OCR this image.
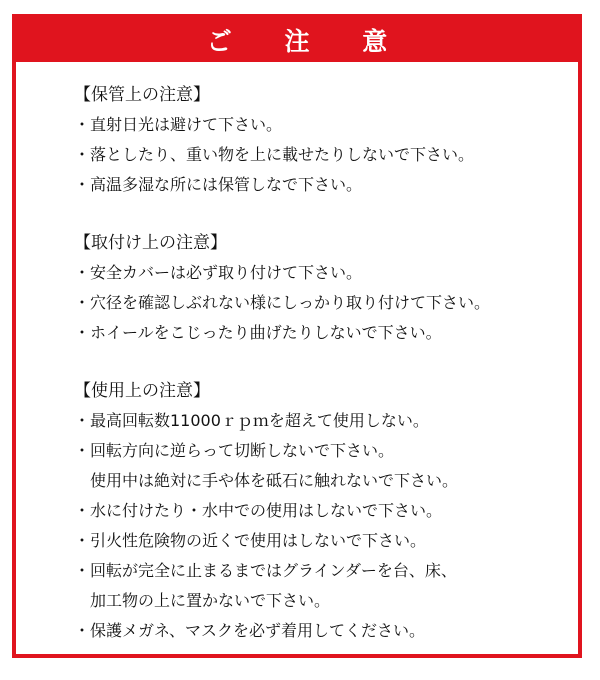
ご 注 意
【保管上の注意】
・直射日光は避けて下さい。
・落としたり、重い物を上に載せたりしないで下さい。
・高温多湿な所には保管しなで下さい。
【取付け上の注意】
・安全カバーは必ず取り付けて下さい。
・穴径を確認しぶれない様にしっかり取り付けて下さい。
・ホイールをこじったり曲げたりしないで下さい。
【使用上の注意】
・最高回転数11000ｒｐｍを超えて使用しない。
・回転方向に逆らって切断しないで下さい。
使用中は絶対に手や体を砥石に触れないで下さい。
・水に付けたり・水中での使用はしないで下さい。
・引火性危険物の近くで使用はしないで下さい。
・回転が完全に止まるまではグラインダーを台、床、
加工物の上に置かないで下さい。
・保護メガネ、マスクを必ず着用してください。
